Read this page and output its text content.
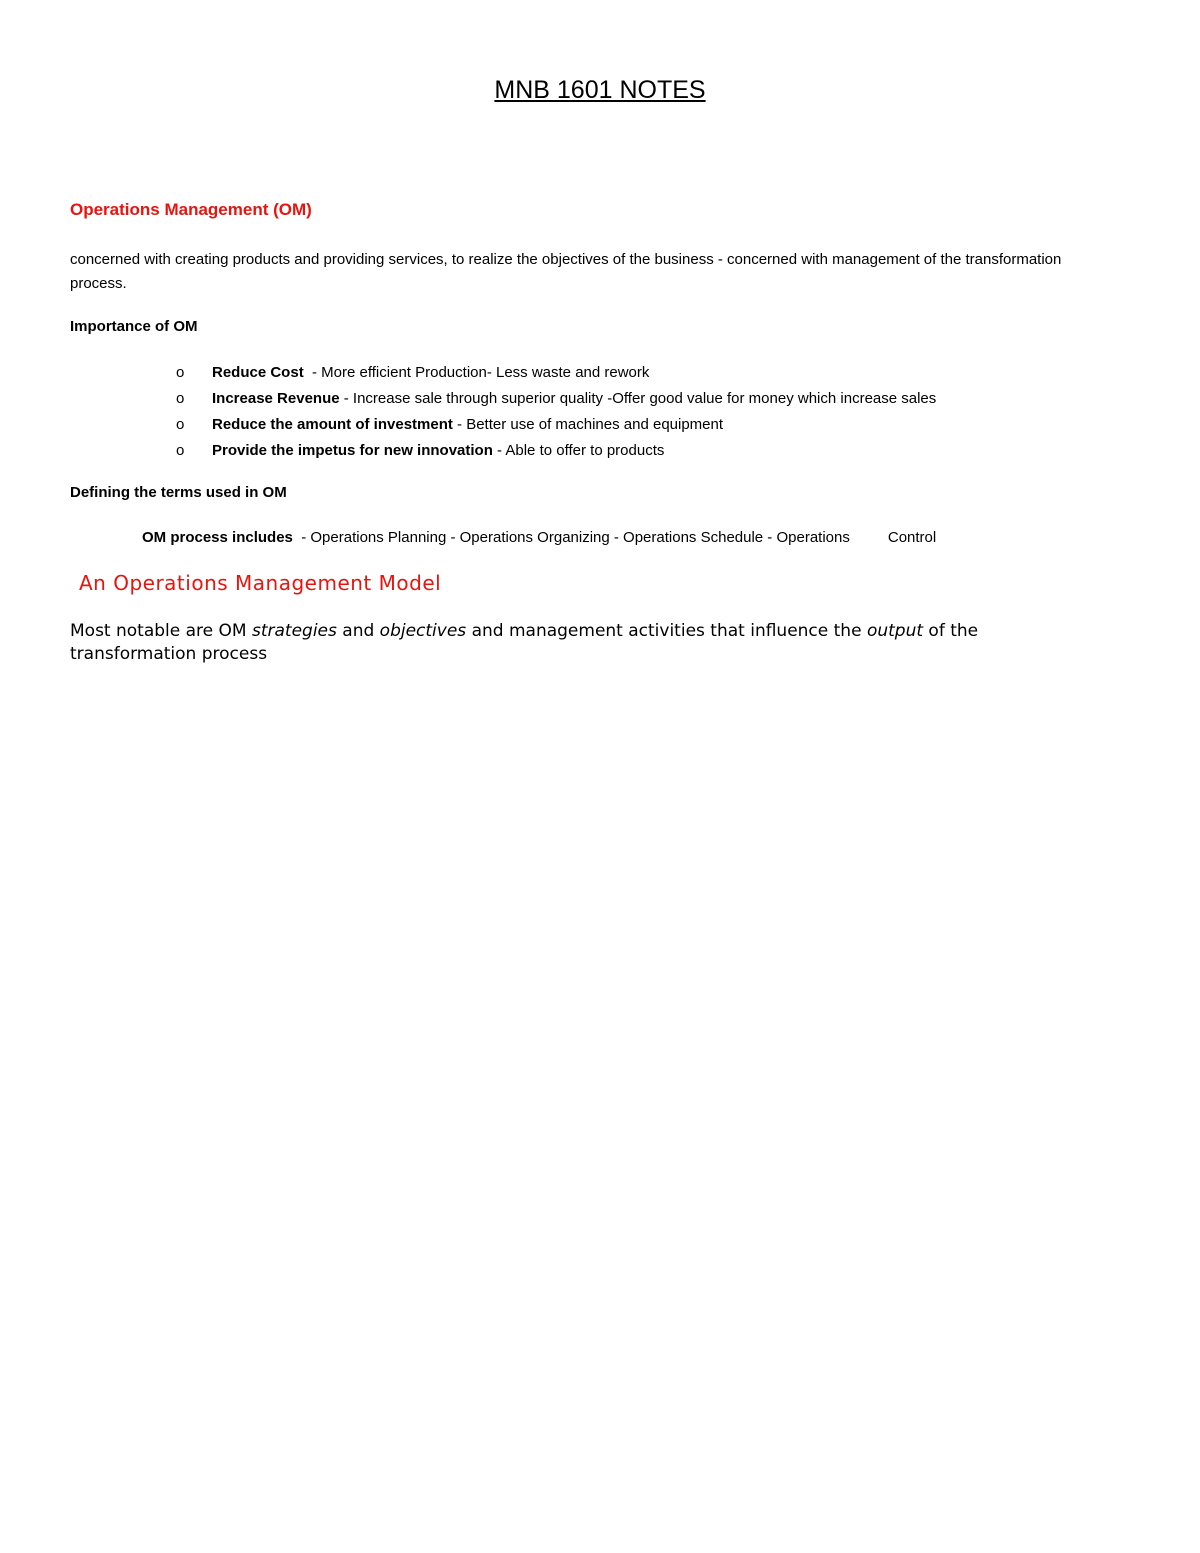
MNB 1601 NOTES
Operations Management (OM)
concerned with creating products and providing services, to realize the objectives of the business - concerned with management of the transformation process.
Importance of OM
o Reduce Cost  - More efficient Production- Less waste and rework
o Increase Revenue - Increase sale through superior quality -Offer good value for money which increase sales
o Reduce the amount of investment - Better use of machines and equipment
o Provide the impetus for new innovation - Able to offer to products
Defining the terms used in OM
OM process includes  - Operations Planning - Operations Organizing - Operations Schedule - Operations	Control
An Operations Management Model
Most notable are OM strategies and objectives and management activities that influence the output of the transformation process
